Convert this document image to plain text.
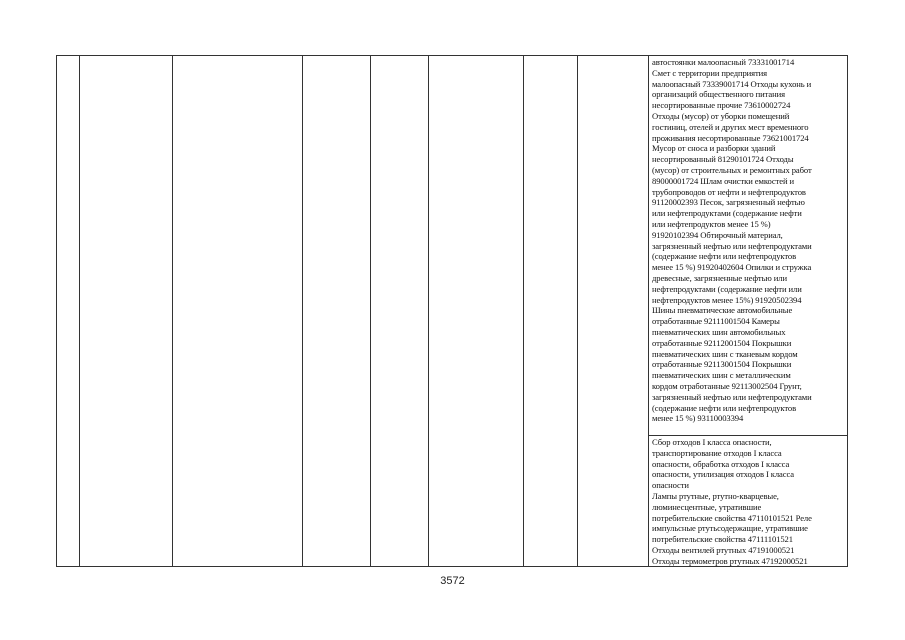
автостоянки малоопасный 73331001714
Смет с территории предприятия
малоопасный 73339001714 Отходы кухонь и
организаций общественного питания
несортированные прочие 73610002724
Отходы (мусор) от уборки помещений
гостиниц, отелей и других мест временного
проживания несортированные 73621001724
Мусор от сноса и разборки зданий
несортированный 81290101724 Отходы
(мусор) от строительных и ремонтных работ
89000001724 Шлам очистки емкостей и
трубопроводов от нефти и нефтепродуктов
91120002393 Песок, загрязненный нефтью
или нефтепродуктами (содержание нефти
или нефтепродуктов менее 15 %)
91920102394 Обтирочный материал,
загрязненный нефтью или нефтепродуктами
(содержание нефти или нефтепродуктов
менее 15 %) 91920402604 Опилки и стружка
древесные, загрязненные нефтью или
нефтепродуктами (содержание нефти или
нефтепродуктов менее 15%) 91920502394
Шины пневматические автомобильные
отработанные 92111001504 Камеры
пневматических шин автомобильных
отработанные 92112001504 Покрышки
пневматических шин с тканевым кордом
отработанные 92113001504 Покрышки
пневматических шин с металлическим
кордом отработанные 92113002504 Грунт,
загрязненный нефтью или нефтепродуктами
(содержание нефти или нефтепродуктов
менее 15 %) 93110003394
Сбор отходов I класса опасности,
транспортирование отходов I класса
опасности, обработка отходов I класса
опасности, утилизация отходов I класса
опасности
Лампы ртутные, ртутно-кварцевые,
люминесцентные, утратившие
потребительские свойства 47110101521 Реле
импульсные ртутьсодержащие, утратившие
потребительские свойства 47111101521
Отходы вентилей ртутных 47191000521
Отходы термометров ртутных 47192000521
3572
